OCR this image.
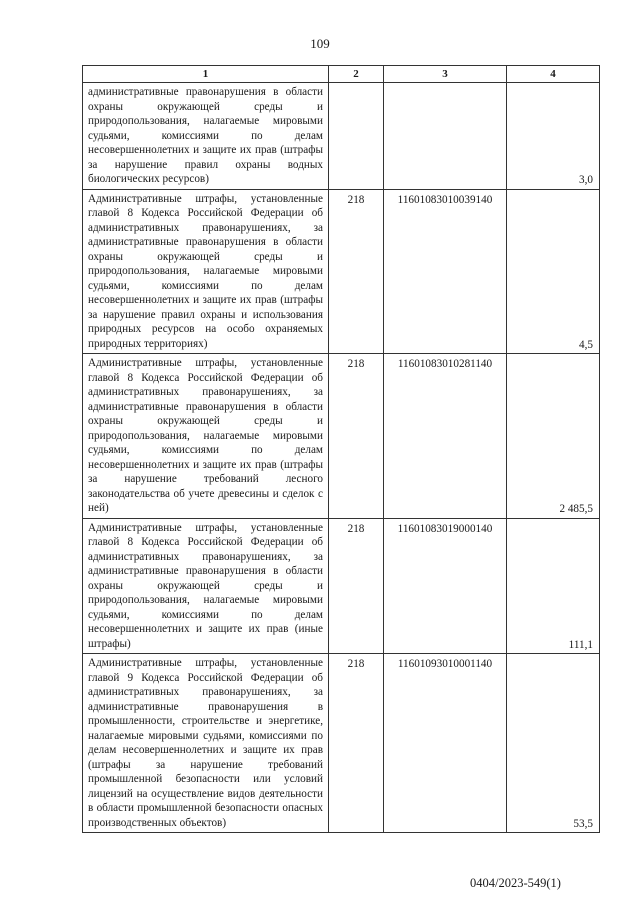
109
1	2	3	4
административные правонарушения в области охраны окружающей среды и природопользования, налагаемые мировыми судьями, комиссиями по делам несовершеннолетних и защите их прав (штрафы за нарушение правил охраны водных биологических ресурсов)			3,0
Административные штрафы, установленные главой 8 Кодекса Российской Федерации об административных правонарушениях, за административные правонарушения в области охраны окружающей среды и природопользования, налагаемые мировыми судьями, комиссиями по делам несовершеннолетних и защите их прав (штрафы за нарушение правил охраны и использования природных ресурсов на особо охраняемых природных территориях)	218	11601083010039140	4,5
Административные штрафы, установленные главой 8 Кодекса Российской Федерации об административных правонарушениях, за административные правонарушения в области охраны окружающей среды и природопользования, налагаемые мировыми судьями, комиссиями по делам несовершеннолетних и защите их прав (штрафы за нарушение требований лесного законодательства об учете древесины и сделок с ней)	218	11601083010281140	2 485,5
Административные штрафы, установленные главой 8 Кодекса Российской Федерации об административных правонарушениях, за административные правонарушения в области охраны окружающей среды и природопользования, налагаемые мировыми судьями, комиссиями по делам несовершеннолетних и защите их прав (иные штрафы)	218	11601083019000140	111,1
Административные штрафы, установленные главой 9 Кодекса Российской Федерации об административных правонарушениях, за административные правонарушения в промышленности, строительстве и энергетике, налагаемые мировыми судьями, комиссиями по делам несовершеннолетних и защите их прав (штрафы за нарушение требований промышленной безопасности или условий лицензий на осуществление видов деятельности в области промышленной безопасности опасных производственных объектов)	218	11601093010001140	53,5
0404/2023-549(1)
